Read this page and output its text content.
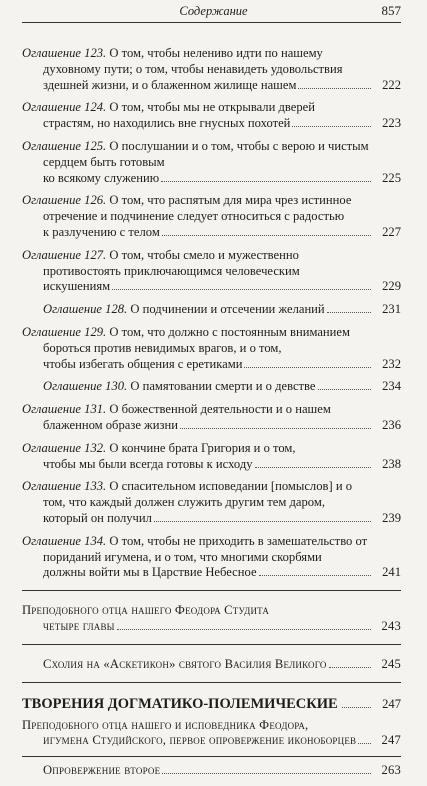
Содержание	857
Оглашение 123. О том, чтобы нелениво идти по нашему духовному пути; о том, чтобы ненавидеть удовольствия
здешней жизни, и о блаженном жилище нашем	222
Оглашение 124. О том, чтобы мы не открывали дверей
страстям, но находились вне гнусных похотей	223
Оглашение 125. О послушании и о том, чтобы с верою и чистым сердцем быть готовым
ко всякому служению	225
Оглашение 126. О том, что распятым для мира чрез истинное отречение и подчинение следует относиться с радостью
к разлучению с телом	227
Оглашение 127. О том, чтобы смело и мужественно противостоять приключающимся человеческим
искушениям	229
Оглашение 128.
О подчинении и отсечении желаний	231
Оглашение 129. О том, что должно с постоянным вниманием бороться против невидимых врагов, и о том,
чтобы избегать общения с еретиками	232
Оглашение 130.
О памятовании смерти и о девстве	234
Оглашение 131. О божественной деятельности и о нашем
блаженном образе жизни	236
Оглашение 132. О кончине брата Григория и о том,
чтобы мы были всегда готовы к исходу	238
Оглашение 133. О спасительном исповедании [помыслов] и о том, что каждый должен служить другим тем даром,
который он получил	239
Оглашение 134. О том, чтобы не приходить в замешательство от пориданий игумена, и о том, что многими скорбями
должны войти мы в Царствие Небесное	241
Преподобного отца нашего Феодора Студита
четыре главы	243
Схолия на «Аскетикон» святого Василия Великого	245
ТВОРЕНИЯ ДОГМАТИКО-ПОЛЕМИЧЕСКИЕ	247
Преподобного отца нашего и исповедника Феодора,
игумена Студийского, первое опровержение иконоборцев 247
Опровержение второе	263
